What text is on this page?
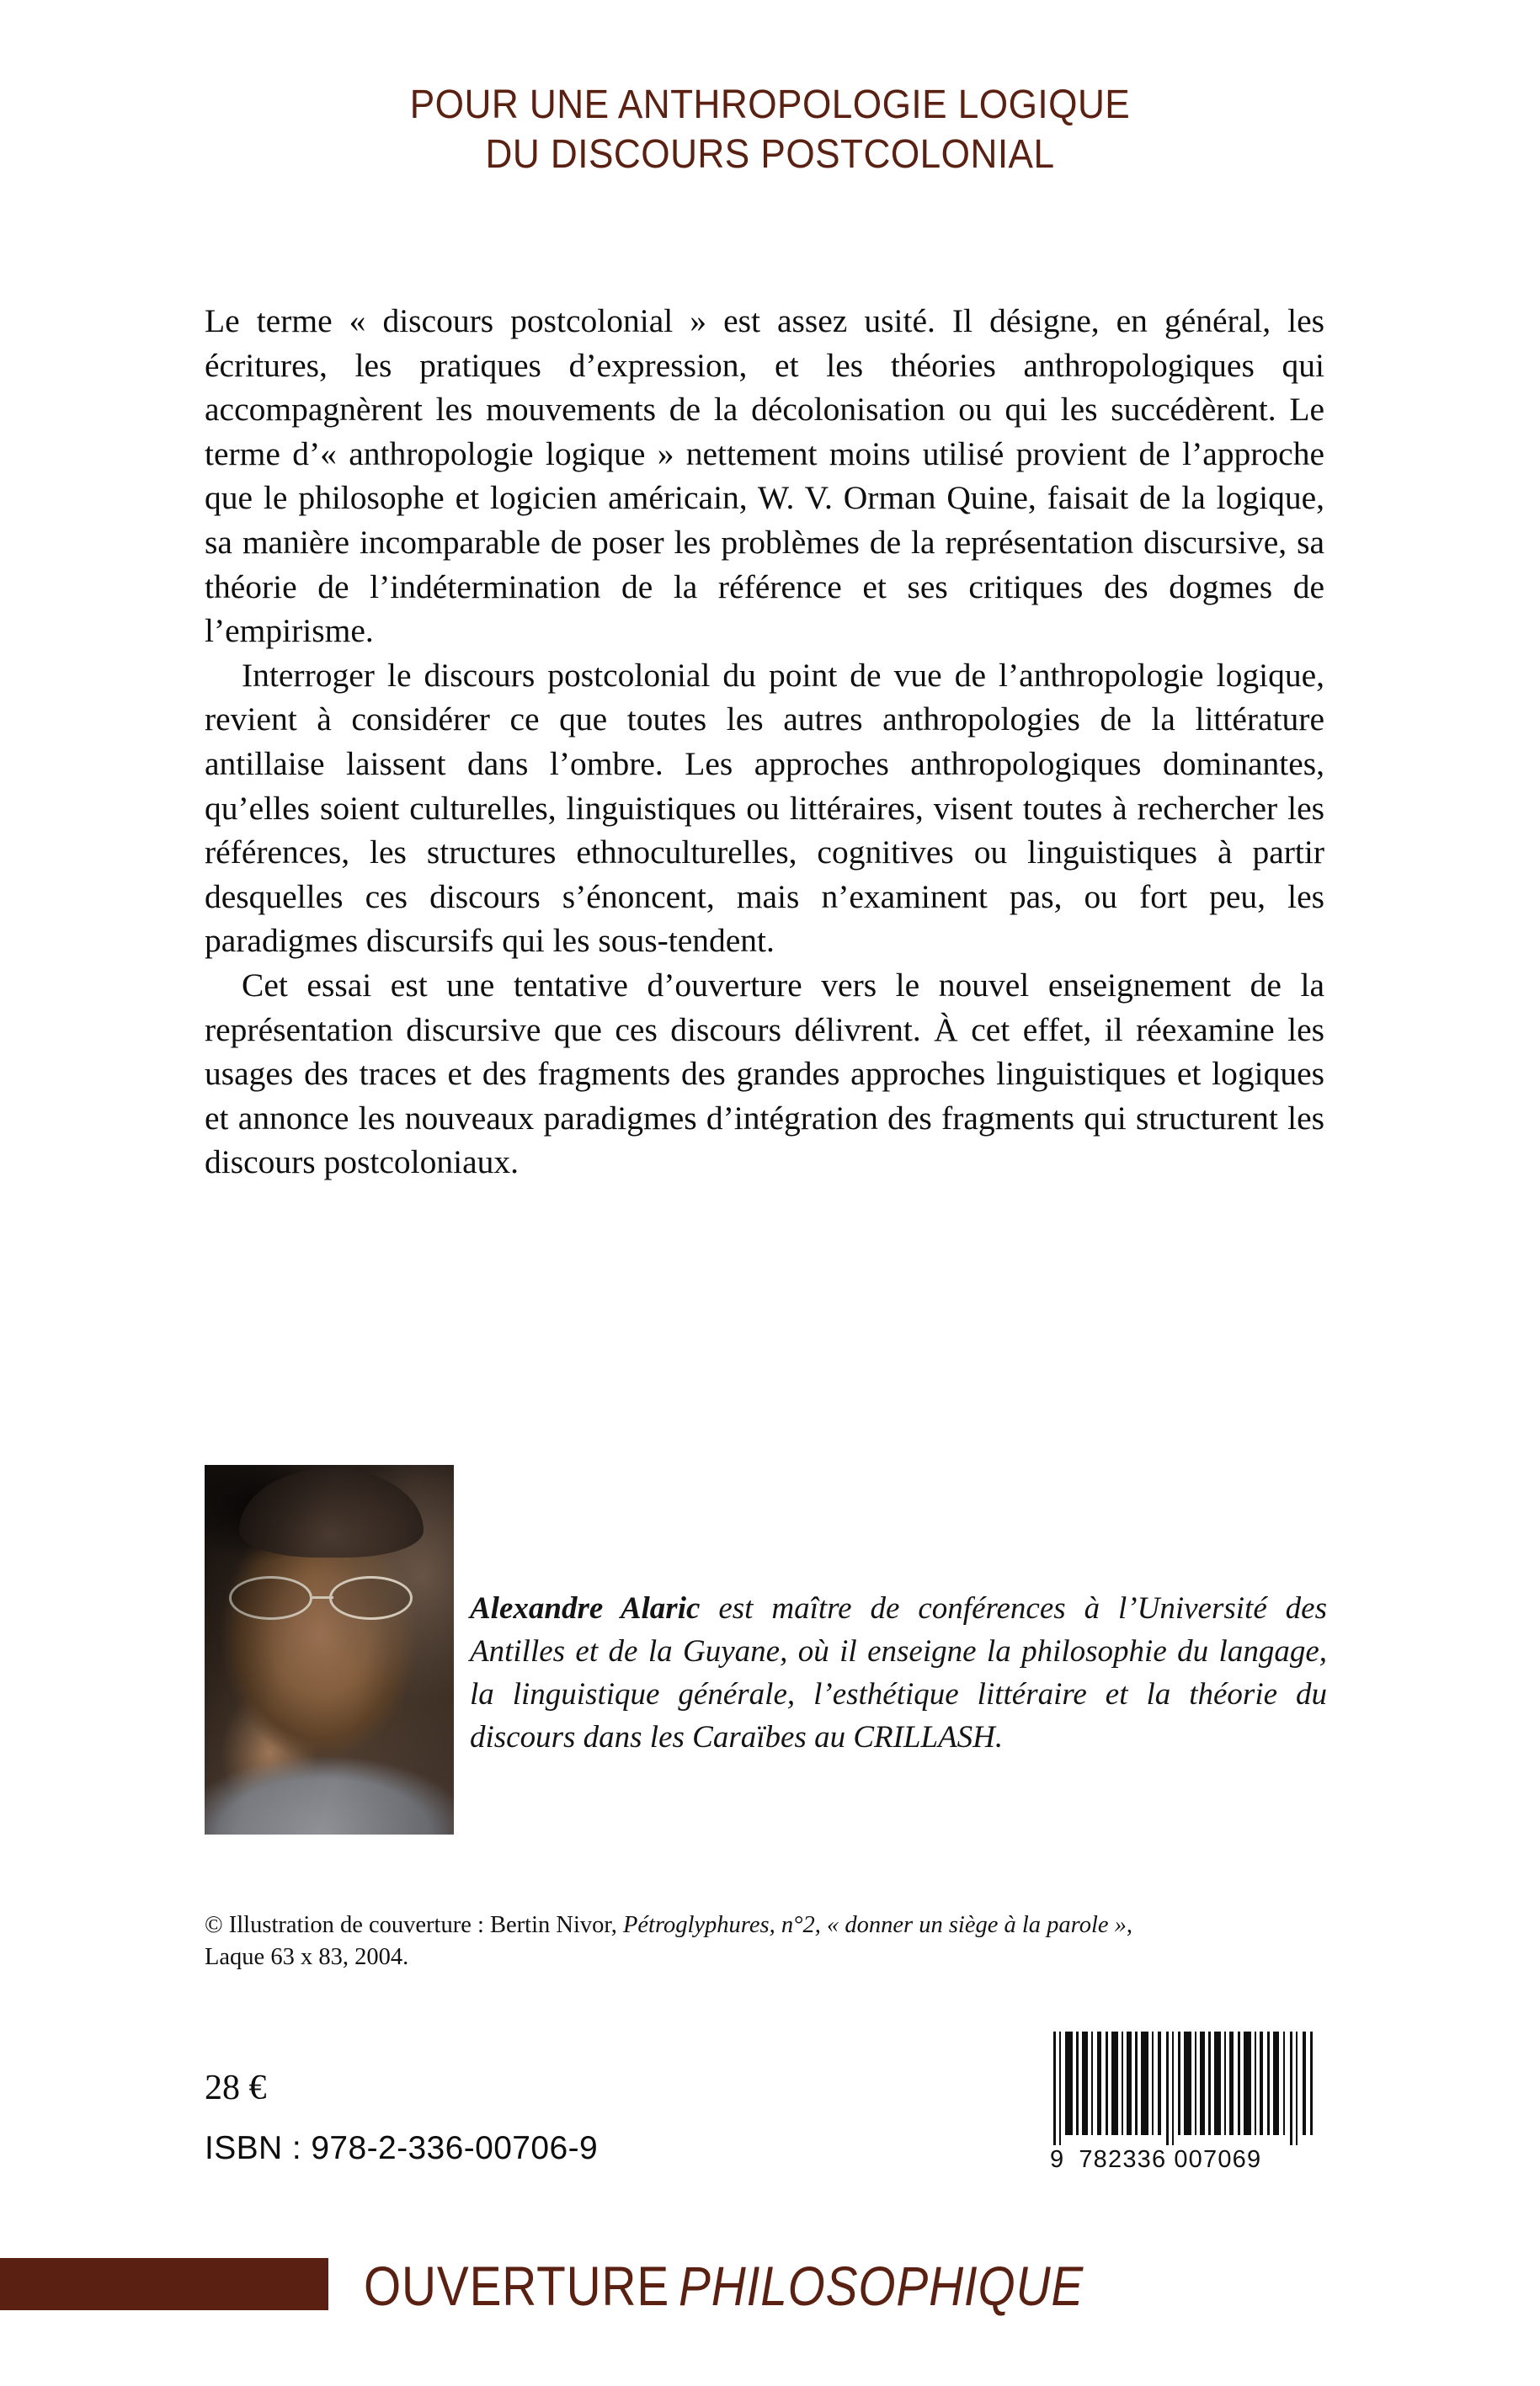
POUR UNE ANTHROPOLOGIE LOGIQUE
DU DISCOURS POSTCOLONIAL

Le terme « discours postcolonial » est assez usité. Il désigne, en général, les écritures, les pratiques d’expression, et les théories anthropologiques qui accompagnèrent les mouvements de la décolonisation ou qui les succédèrent. Le terme d’« anthropologie logique » nettement moins utilisé provient de l’approche que le philosophe et logicien américain, W. V. Orman Quine, faisait de la logique, sa manière incomparable de poser les problèmes de la représentation discursive, sa théorie de l’indétermination de la référence et ses critiques des dogmes de l’empirisme.

Interroger le discours postcolonial du point de vue de l’anthropologie logique, revient à considérer ce que toutes les autres anthropologies de la littérature antillaise laissent dans l’ombre. Les approches anthropologiques dominantes, qu’elles soient culturelles, linguistiques ou littéraires, visent toutes à rechercher les références, les structures ethnoculturelles, cognitives ou linguistiques à partir desquelles ces discours s’énoncent, mais n’examinent pas, ou fort peu, les paradigmes discursifs qui les sous-tendent.

Cet essai est une tentative d’ouverture vers le nouvel enseignement de la représentation discursive que ces discours délivrent. À cet effet, il réexamine les usages des traces et des fragments des grandes approches linguistiques et logiques et annonce les nouveaux paradigmes d’intégration des fragments qui structurent les discours postcoloniaux.

Alexandre Alaric est maître de conférences à l’Université des Antilles et de la Guyane, où il enseigne la philosophie du langage, la linguistique générale, l’esthétique littéraire et la théorie du discours dans les Caraïbes au CRILLASH.
© Illustration de couverture : Bertin Nivor, Pétroglyphures, n°2, « donner un siège à la parole »,
Laque 63 x 83, 2004.
28 €
ISBN : 978-2-336-00706-9	9 782336 007069
OUVERTURE PHILOSOPHIQUE
